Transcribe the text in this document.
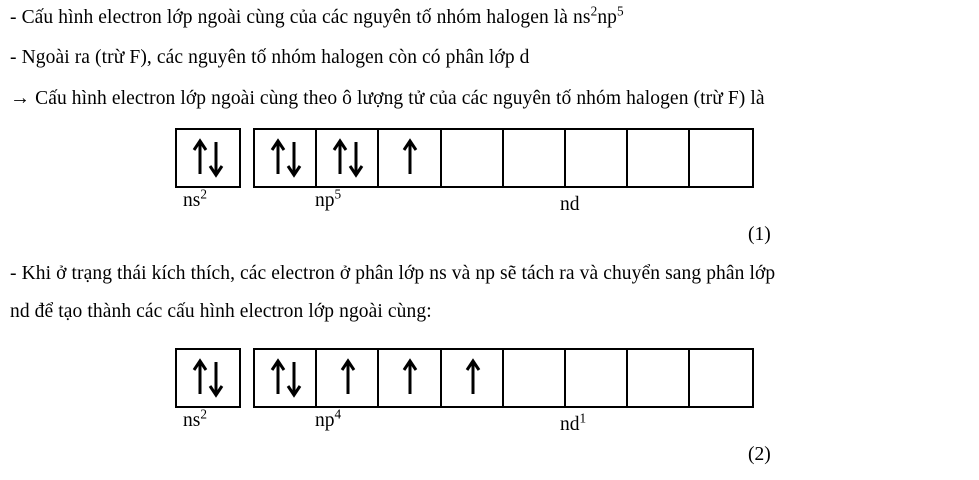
- Cấu hình electron lớp ngoài cùng của các nguyên tố nhóm halogen là $ns^2np^5$
- Ngoài ra (trừ F), các nguyên tố nhóm halogen còn có phân lớp d
→ Cấu hình electron lớp ngoài cùng theo ô lượng tử của các nguyên tố nhóm halogen (trừ F) là
$ns^2$	$np^5$	nd
(1)
- Khi ở trạng thái kích thích, các electron ở phân lớp ns và np sẽ tách ra và chuyển sang phân lớp
nd để tạo thành các cấu hình electron lớp ngoài cùng:
$ns^2$	$np^4$	$nd^1$
(2)
